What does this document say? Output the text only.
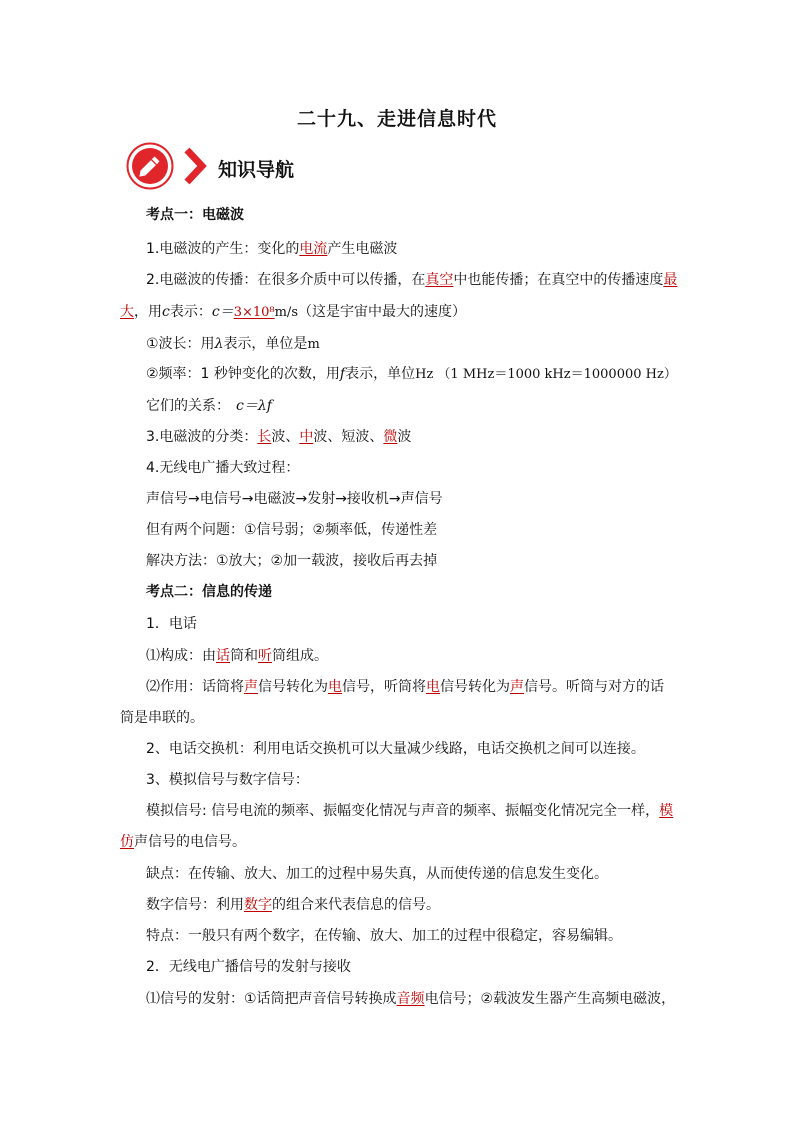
二十九、走进信息时代
知识导航
考点一：电磁波
1.电磁波的产生：变化的电流产生电磁波
2.电磁波的传播：在很多介质中可以传播，在真空中也能传播；在真空中的传播速度最
大，用c表示：c＝3×10⁸m/s（这是宇宙中最大的速度）
①波长：用λ表示，单位是m
②频率：1 秒钟变化的次数，用f表示，单位Hz （1 MHz＝1000 kHz＝1000000 Hz）
它们的关系： c＝λf
3.电磁波的分类：长波、中波、短波、微波
4.无线电广播大致过程：
声信号→电信号→电磁波→发射→接收机→声信号
但有两个问题：①信号弱；②频率低，传递性差
解决方法：①放大；②加一载波，接收后再去掉
考点二：信息的传递
1．电话
⑴构成：由话筒和听筒组成。
⑵作用：话筒将声信号转化为电信号，听筒将电信号转化为声信号。听筒与对方的话
筒是串联的。
2、电话交换机：利用电话交换机可以大量减少线路，电话交换机之间可以连接。
3、模拟信号与数字信号：
模拟信号: 信号电流的频率、振幅变化情况与声音的频率、振幅变化情况完全一样，模
仿声信号的电信号。
缺点：在传输、放大、加工的过程中易失真，从而使传递的信息发生变化。
数字信号：利用数字的组合来代表信息的信号。
特点：一般只有两个数字，在传输、放大、加工的过程中很稳定，容易编辑。
2．无线电广播信号的发射与接收
⑴信号的发射：①话筒把声音信号转换成音频电信号；②载波发生器产生高频电磁波，
